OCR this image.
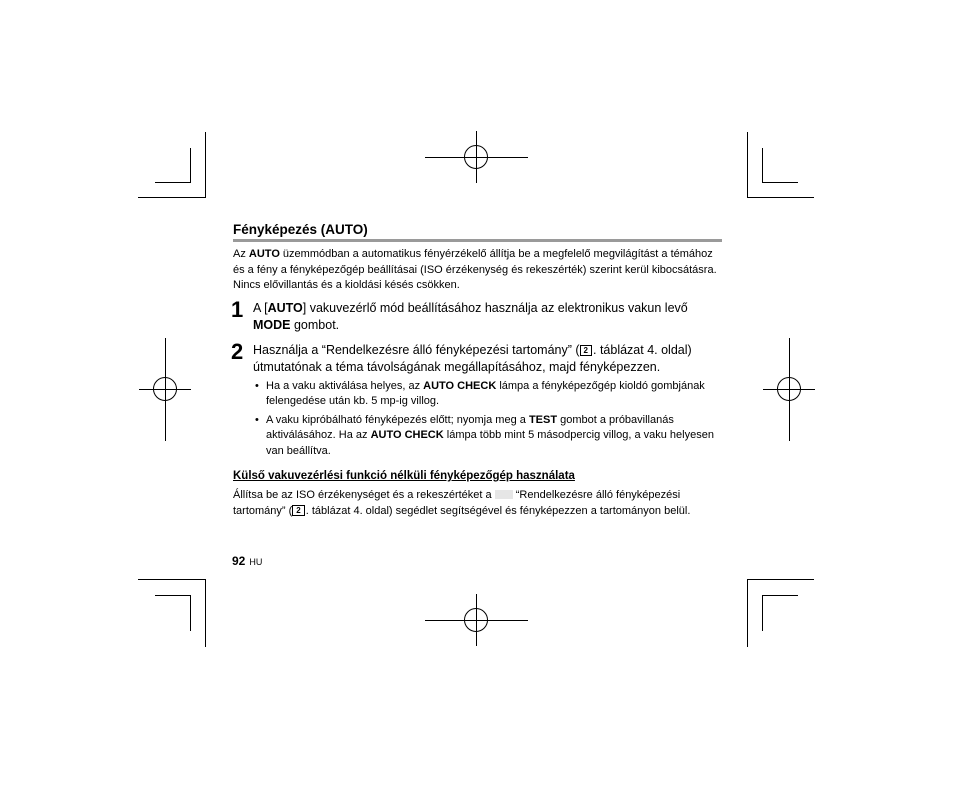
Fényképezés (AUTO)

Az AUTO üzemmódban a automatikus fényérzékelő állítja be a megfelelő megvilágítást a témához és a fény a fényképezőgép beállításai (ISO érzékenység és rekeszérték) szerint kerül kibocsátásra. Nincs elővillantás és a kioldási késés csökken.

1 A [AUTO] vakuvezérlő mód beállításához használja az elektronikus vakun levő MODE gombot.
2 Használja a “Rendelkezésre álló fényképezési tartomány” ( 2 . táblázat 4. oldal) útmutatónak a téma távolságának megállapításához, majd fényképezzen.
• Ha a vaku aktiválása helyes, az AUTO CHECK lámpa a fényképezőgép kioldó gombjának felengedése után kb. 5 mp-ig villog.
• A vaku kipróbálható fényképezés előtt; nyomja meg a TEST gombot a próbavillanás aktiválásához. Ha az AUTO CHECK lámpa több mint 5 másodpercig villog, a vaku helyesen van beállítva.
Külső vakuvezérlési funkció nélküli fényképezőgép használata

Állítsa be az ISO érzékenységet és a rekeszértéket a  “Rendelkezésre álló fényképezési tartomány” ( 2 . táblázat 4. oldal) segédlet segítségével és fényképezzen a tartományon belül.

92 HU
